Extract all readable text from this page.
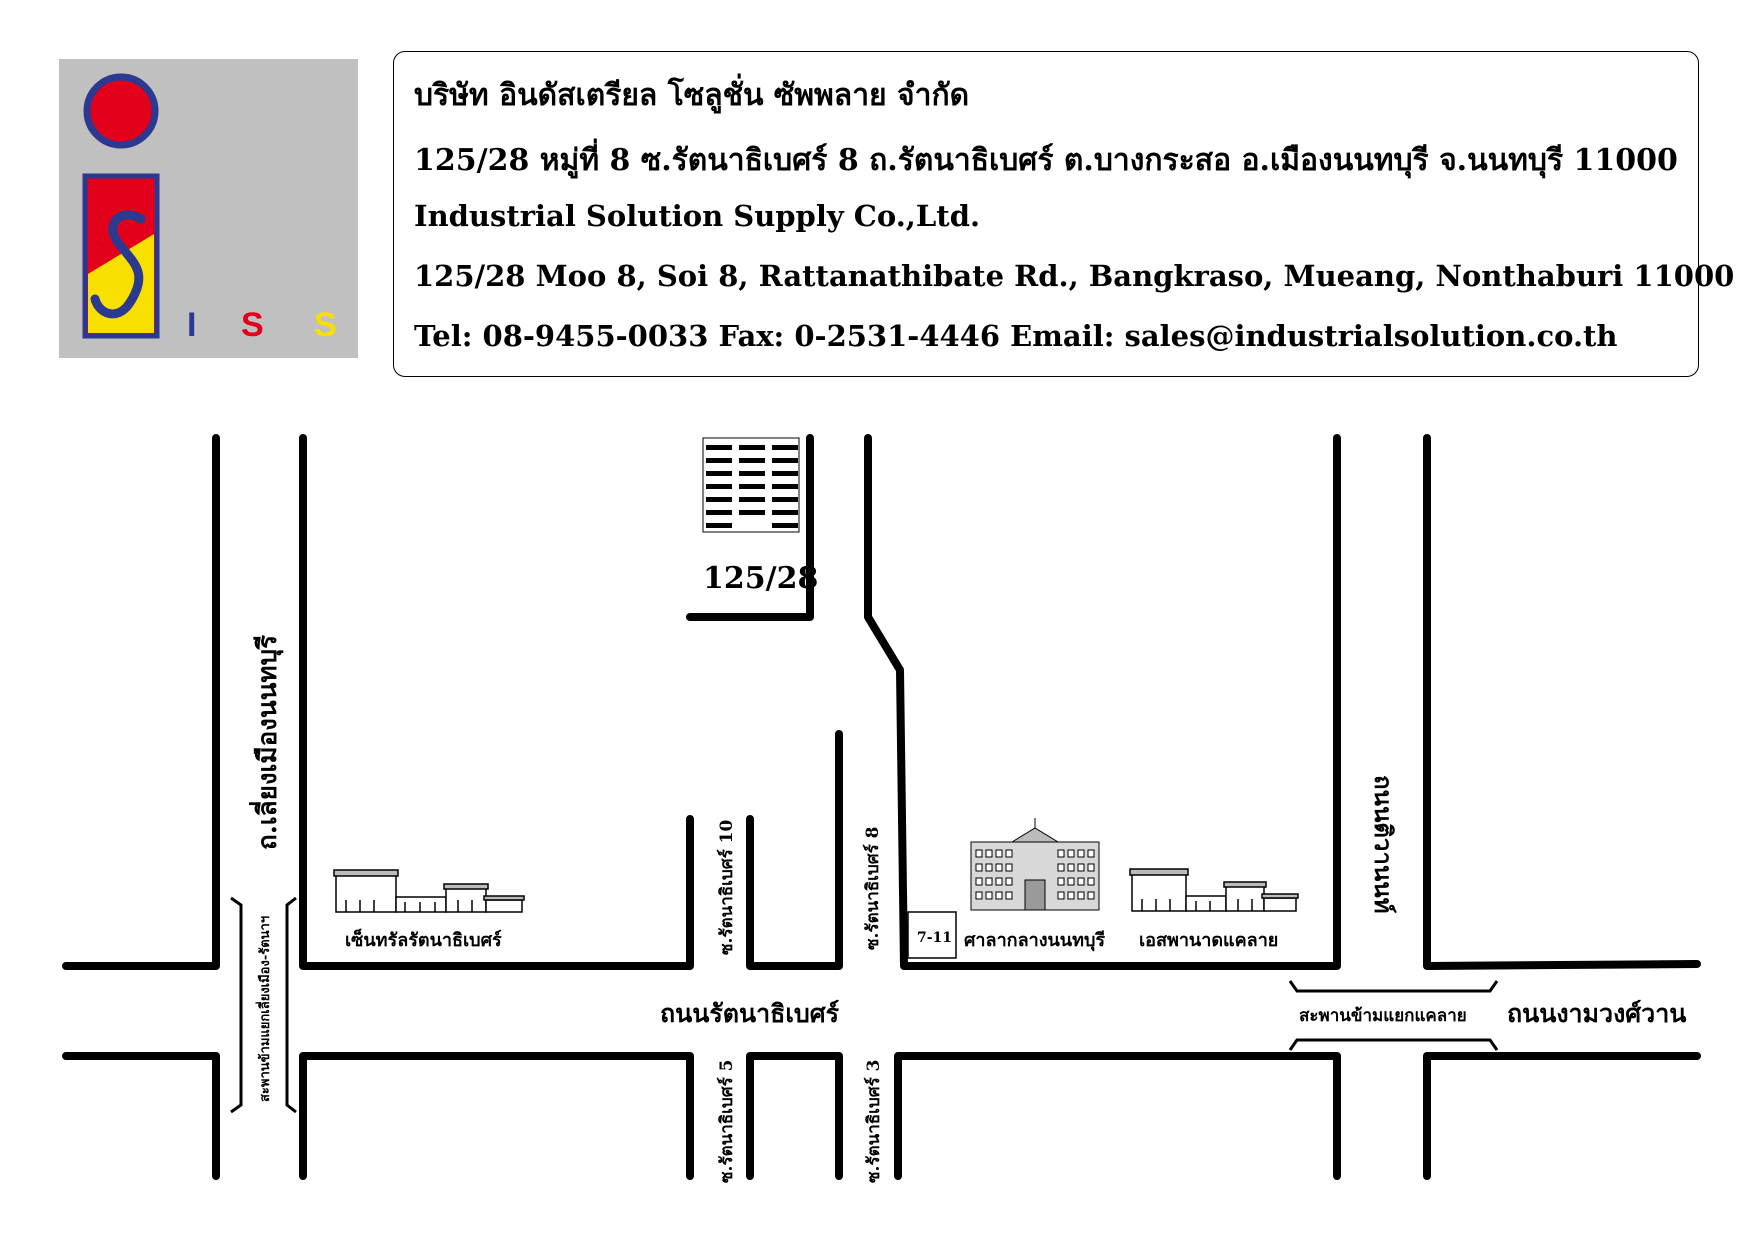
I S S
บริษัท อินดัสเตรียล โซลูชั่น ซัพพลาย จำกัด
125/28 หมู่ที่ 8 ซ.รัตนาธิเบศร์ 8 ถ.รัตนาธิเบศร์ ต.บางกระสอ อ.เมืองนนทบุรี จ.นนทบุรี 11000
Industrial Solution Supply Co.,Ltd.
125/28 Moo 8, Soi 8, Rattanathibate Rd., Bangkraso, Mueang, Nonthaburi 11000
Tel: 08-9455-0033 Fax: 0-2531-4446 Email: sales@industrialsolution.co.th
125/28
เซ็นทรัลรัตนาธิเบศร์	7-11 ศาลากลางนนทบุรี เอสพานาดแคลาย
ถ.เลี่ยงเมืองนนทบุรี
สะพานข้ามแยกเลี่ยงเมือง-รัตนาฯ	ถนนรัตนาธิเบศร์
ซ.รัตนาธิเบศร์ 10	ซ.รัตนาธิเบศร์ 8
ซ.รัตนาธิเบศร์ 5	ซ.รัตนาธิเบศร์ 3
ถนนติวานนท์
สะพานข้ามแยกแคลาย ถนนงามวงศ์วาน
